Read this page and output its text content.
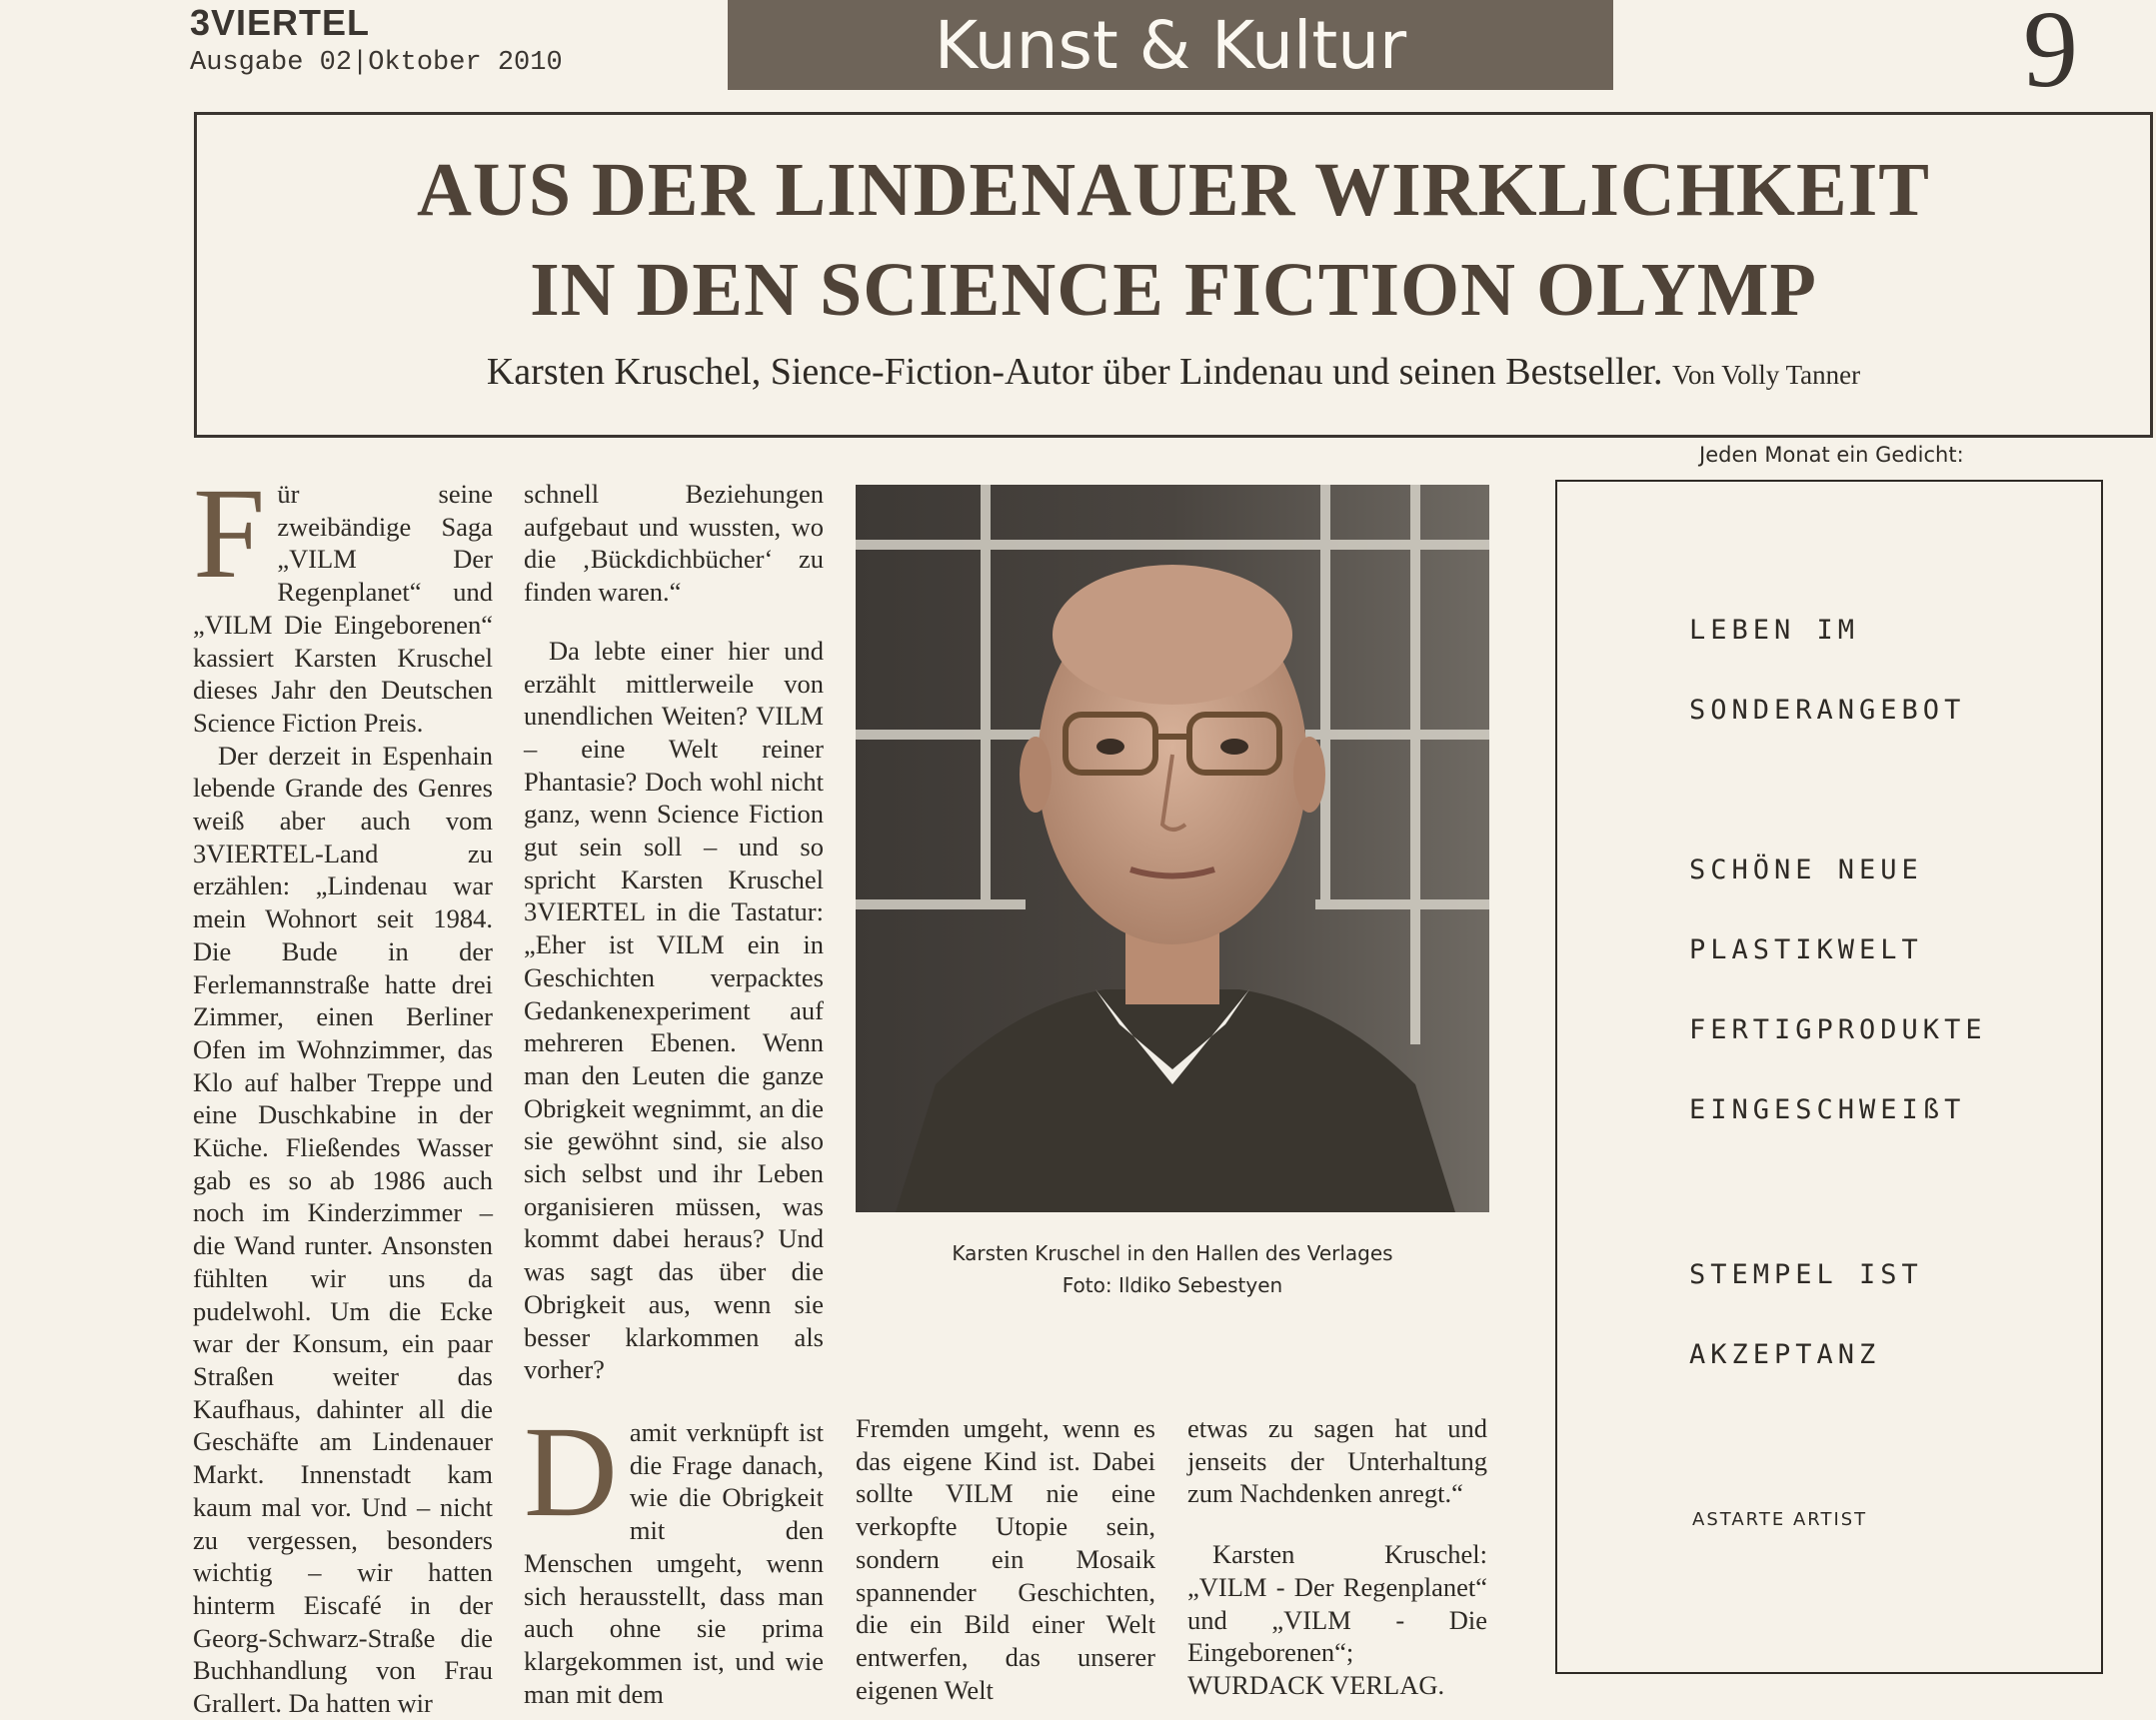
3VIERTEL
Ausgabe 02|Oktober 2010	Kunst & Kultur	9
AUS DER LINDENAUER WIRKLICHKEIT
IN DEN SCIENCE FICTION OLYMP
Karsten Kruschel, Sience-Fiction-Autor über Lindenau und seinen Bestseller. Von Volly Tanner
F ür seine zweibändige Saga „VILM Der Regenplanet“ und „VILM Die Eingeborenen“ kassiert Karsten Kruschel dieses Jahr den Deutschen Science Fiction Preis.

Der derzeit in Espenhain lebende Grande des Genres weiß aber auch vom 3VIERTEL-Land zu erzählen: „Lindenau war mein Wohnort seit 1984. Die Bude in der Ferlemannstraße hatte drei Zimmer, einen Berliner Ofen im Wohnzimmer, das Klo auf halber Treppe und eine Duschkabine in der Küche. Fließendes Wasser gab es so ab 1986 auch noch im Kinderzimmer – die Wand runter. Ansonsten fühlten wir uns da pudelwohl. Um die Ecke war der Konsum, ein paar Straßen weiter das Kaufhaus, dahinter all die Geschäfte am Lindenauer Markt. Innenstadt kam kaum mal vor. Und – nicht zu vergessen, besonders wichtig – wir hatten hinterm Eiscafé in der Georg-Schwarz-Straße die Buchhandlung von Frau Grallert. Da hatten wir

schnell Beziehungen aufgebaut und wussten, wo die ‚Bückdichbücher‘ zu finden waren.“

Da lebte einer hier und erzählt mittlerweile von unendlichen Weiten? VILM – eine Welt reiner Phantasie? Doch wohl nicht ganz, wenn Science Fiction gut sein soll – und so spricht Karsten Kruschel 3VIERTEL in die Tastatur: „Eher ist VILM ein in Geschichten verpacktes Gedankenexperiment auf mehreren Ebenen. Wenn man den Leuten die ganze Obrigkeit wegnimmt, an die sie gewöhnt sind, sie also sich selbst und ihr Leben organisieren müssen, was kommt dabei heraus? Und was sagt das über die Obrigkeit aus, wenn sie besser klarkommen als vorher?

D amit verknüpft ist die Frage danach, wie die Obrigkeit mit den Menschen umgeht, wenn sich herausstellt, dass man auch ohne sie prima klargekommen ist, und wie man mit dem

Karsten Kruschel in den Hallen des Verlages
Foto: Ildiko Sebestyen

Fremden umgeht, wenn es das eigene Kind ist. Dabei sollte VILM nie eine verkopfte Utopie sein, sondern ein Mosaik spannender Geschichten, die ein Bild einer Welt entwerfen, das unserer eigenen Welt

etwas zu sagen hat und jenseits der Unterhaltung zum Nachdenken anregt.“

Karsten Kruschel: „VILM - Der Regenplanet“ und „VILM - Die Eingeborenen“; WURDACK VERLAG.

Jeden Monat ein Gedicht:
LEBEN IM
SONDERANGEBOT
SCHÖNE NEUE
PLASTIKWELT
FERTIGPRODUKTE
EINGESCHWEIßT
STEMPEL IST
AKZEPTANZ
ASTARTE ARTIST
